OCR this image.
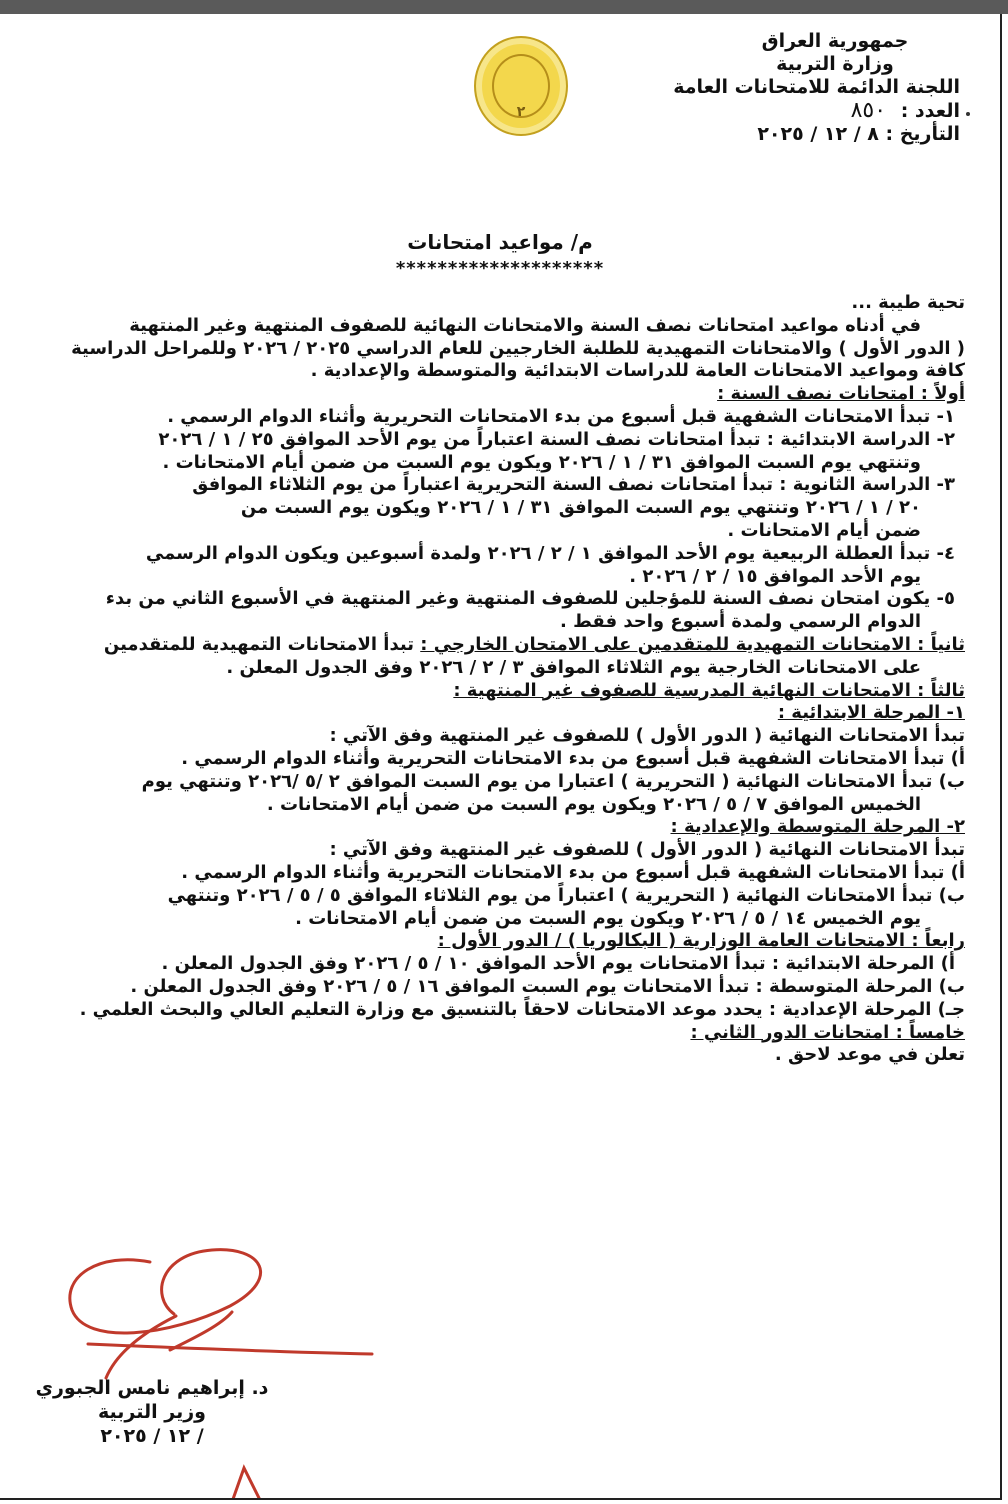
جمهورية العراق
وزارة التربية
اللجنة الدائمة للامتحانات العامة
العدد : ٨٥٠
التأريخ : ٨ / ١٢ / ٢٠٢٥
٢
م/ مواعيد امتحانات
********************

تحية طيبة ...

في أدناه مواعيد امتحانات نصف السنة والامتحانات النهائية للصفوف المنتهية وغير المنتهية

( الدور الأول ) والامتحانات التمهيدية للطلبة الخارجيين للعام الدراسي ٢٠٢٥ / ٢٠٢٦ وللمراحل الدراسية

كافة ومواعيد الامتحانات العامة للدراسات الابتدائية والمتوسطة والإعدادية .

أولاً : امتحانات نصف السنة :

١- تبدأ الامتحانات الشفهية قبل أسبوع من بدء الامتحانات التحريرية وأثناء الدوام الرسمي .

٢- الدراسة الابتدائية : تبدأ امتحانات نصف السنة اعتباراً من يوم الأحد الموافق ٢٥ / ١ / ٢٠٢٦

وتنتهي يوم السبت الموافق ٣١ / ١ / ٢٠٢٦ ويكون يوم السبت من ضمن أيام الامتحانات .

٣- الدراسة الثانوية : تبدأ امتحانات نصف السنة التحريرية اعتباراً من يوم الثلاثاء الموافق

٢٠ / ١ / ٢٠٢٦ وتنتهي يوم السبت الموافق ٣١ / ١ / ٢٠٢٦ ويكون يوم السبت من

ضمن أيام الامتحانات .

٤- تبدأ العطلة الربيعية يوم الأحد الموافق ١ / ٢ / ٢٠٢٦ ولمدة أسبوعين ويكون الدوام الرسمي

يوم الأحد الموافق ١٥ / ٢ / ٢٠٢٦ .

٥- يكون امتحان نصف السنة للمؤجلين للصفوف المنتهية وغير المنتهية في الأسبوع الثاني من بدء

الدوام الرسمي ولمدة أسبوع واحد فقط .

ثانياً : الامتحانات التمهيدية للمتقدمين على الامتحان الخارجي : تبدأ الامتحانات التمهيدية للمتقدمين

على الامتحانات الخارجية يوم الثلاثاء الموافق ٣ / ٢ / ٢٠٢٦ وفق الجدول المعلن .

ثالثاً : الامتحانات النهائية المدرسية للصفوف غير المنتهية :

١- المرحلة الابتدائية :

تبدأ الامتحانات النهائية ( الدور الأول ) للصفوف غير المنتهية وفق الآتي :

أ) تبدأ الامتحانات الشفهية قبل أسبوع من بدء الامتحانات التحريرية وأثناء الدوام الرسمي .

ب) تبدأ الامتحانات النهائية ( التحريرية ) اعتبارا من يوم السبت الموافق ٢ /٥ /٢٠٢٦ وتنتهي يوم

الخميس الموافق ٧ / ٥ / ٢٠٢٦ ويكون يوم السبت من ضمن أيام الامتحانات .

٢- المرحلة المتوسطة والإعدادية :

تبدأ الامتحانات النهائية ( الدور الأول ) للصفوف غير المنتهية وفق الآتي :

أ) تبدأ الامتحانات الشفهية قبل أسبوع من بدء الامتحانات التحريرية وأثناء الدوام الرسمي .

ب) تبدأ الامتحانات النهائية ( التحريرية ) اعتباراً من يوم الثلاثاء الموافق ٥ / ٥ / ٢٠٢٦ وتنتهي

يوم الخميس ١٤ / ٥ / ٢٠٢٦ ويكون يوم السبت من ضمن أيام الامتحانات .

رابعاً : الامتحانات العامة الوزارية ( البكالوريا ) / الدور الأول :

أ) المرحلة الابتدائية : تبدأ الامتحانات يوم الأحد الموافق ١٠ / ٥ / ٢٠٢٦ وفق الجدول المعلن .

ب) المرحلة المتوسطة : تبدأ الامتحانات يوم السبت الموافق ١٦ / ٥ / ٢٠٢٦ وفق الجدول المعلن .

جـ) المرحلة الإعدادية : يحدد موعد الامتحانات لاحقاً بالتنسيق مع وزارة التعليم العالي والبحث العلمي .

خامساً : امتحانات الدور الثاني :

تعلن في موعد لاحق .

د. إبراهيم نامس الجبوري
وزير التربية
/ ١٢ / ٢٠٢٥
